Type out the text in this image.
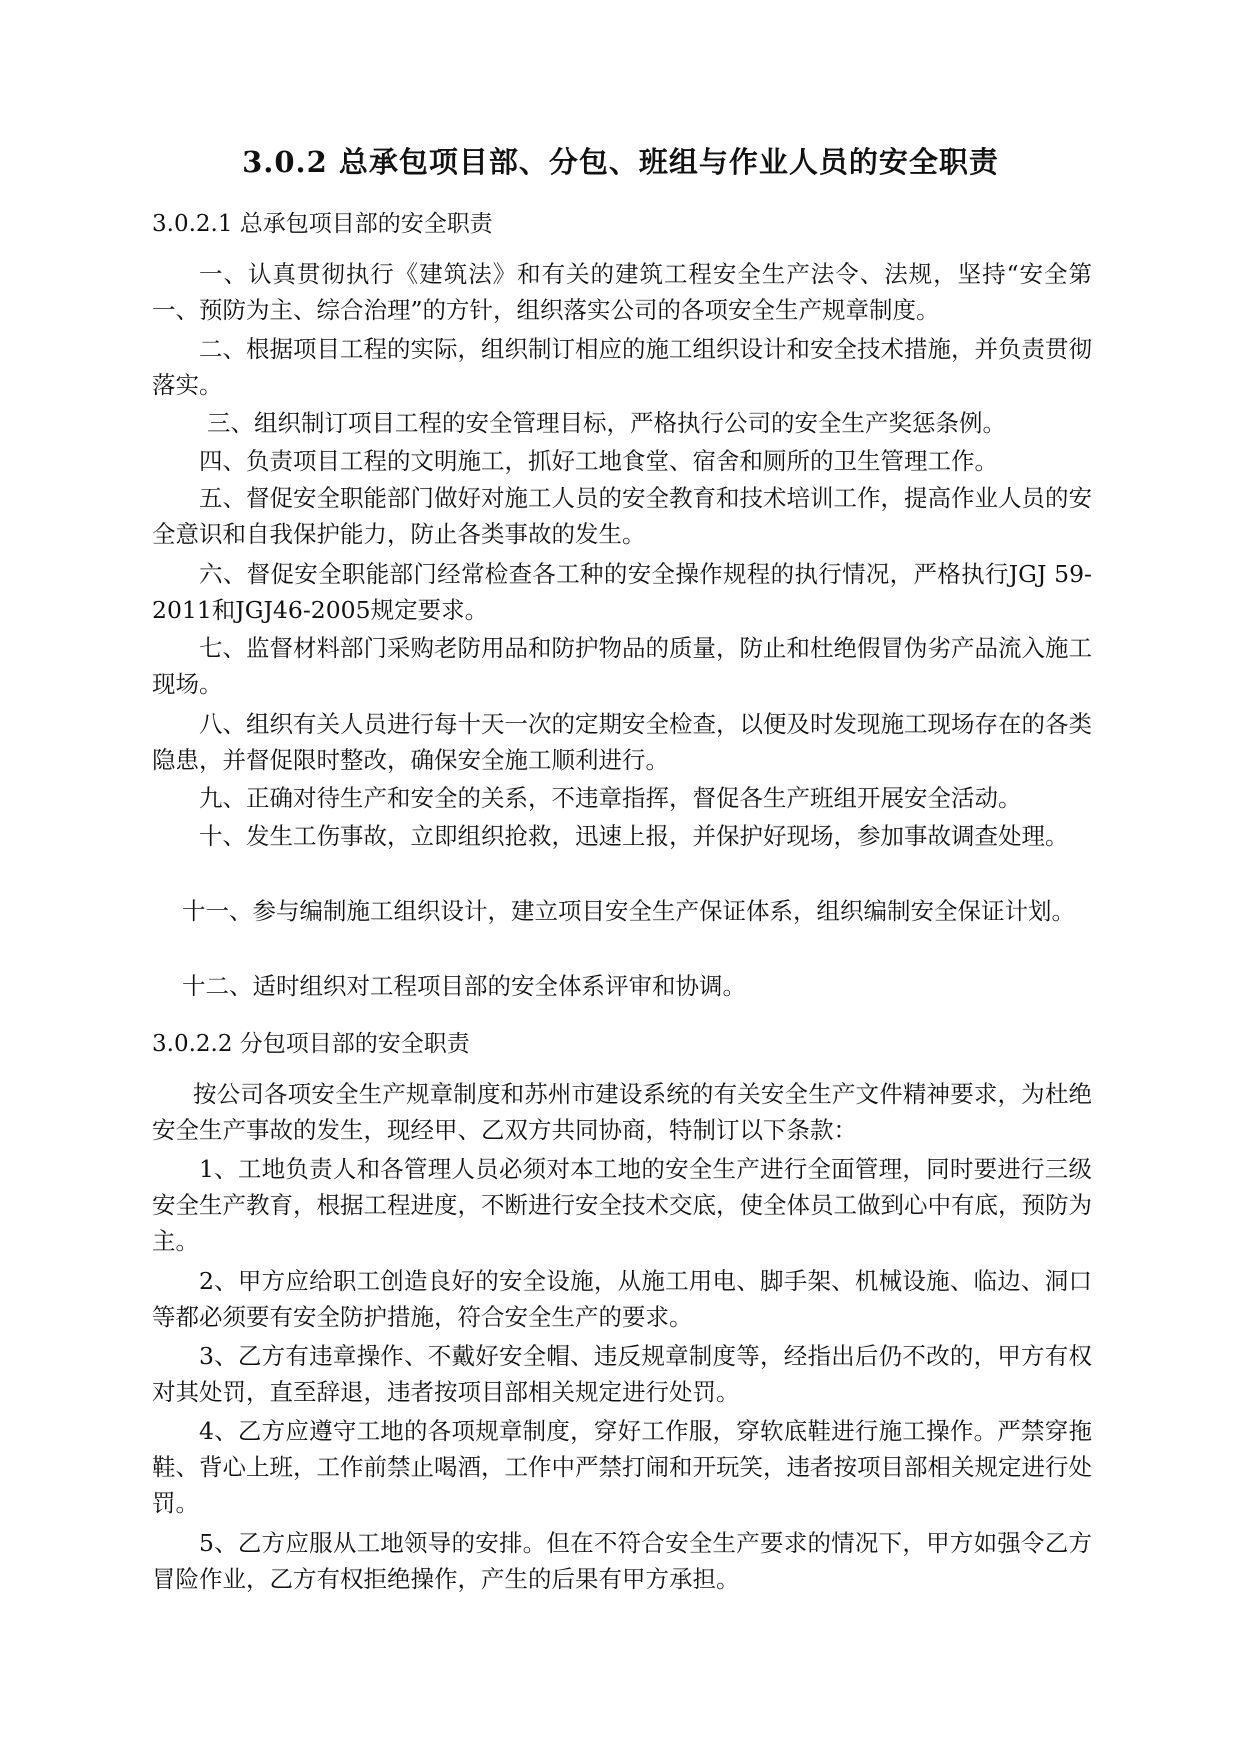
3.0.2 总承包项目部、分包、班组与作业人员的安全职责
3.0.2.1 总承包项目部的安全职责

一、认真贯彻执行《建筑法》和有关的建筑工程安全生产法令、法规，坚持“安全第一、预防为主、综合治理”的方针，组织落实公司的各项安全生产规章制度。

二、根据项目工程的实际，组织制订相应的施工组织设计和安全技术措施，并负责贯彻落实。

三、组织制订项目工程的安全管理目标，严格执行公司的安全生产奖惩条例。

四、负责项目工程的文明施工，抓好工地食堂、宿舍和厕所的卫生管理工作。

五、督促安全职能部门做好对施工人员的安全教育和技术培训工作，提高作业人员的安全意识和自我保护能力，防止各类事故的发生。

六、督促安全职能部门经常检查各工种的安全操作规程的执行情况，严格执行JGJ 59-2011和JGJ46-2005规定要求。

七、监督材料部门采购老防用品和防护物品的质量，防止和杜绝假冒伪劣产品流入施工现场。

八、组织有关人员进行每十天一次的定期安全检查，以便及时发现施工现场存在的各类隐患，并督促限时整改，确保安全施工顺利进行。

九、正确对待生产和安全的关系，不违章指挥，督促各生产班组开展安全活动。

十、发生工伤事故，立即组织抢救，迅速上报，并保护好现场，参加事故调查处理。

十一、参与编制施工组织设计，建立项目安全生产保证体系，组织编制安全保证计划。

十二、适时组织对工程项目部的安全体系评审和协调。

3.0.2.2 分包项目部的安全职责

按公司各项安全生产规章制度和苏州市建设系统的有关安全生产文件精神要求，为杜绝安全生产事故的发生，现经甲、乙双方共同协商，特制订以下条款：

1、工地负责人和各管理人员必须对本工地的安全生产进行全面管理，同时要进行三级安全生产教育，根据工程进度，不断进行安全技术交底，使全体员工做到心中有底，预防为主。

2、甲方应给职工创造良好的安全设施，从施工用电、脚手架、机械设施、临边、洞口等都必须要有安全防护措施，符合安全生产的要求。

3、乙方有违章操作、不戴好安全帽、违反规章制度等，经指出后仍不改的，甲方有权对其处罚，直至辞退，违者按项目部相关规定进行处罚。

4、乙方应遵守工地的各项规章制度，穿好工作服，穿软底鞋进行施工操作。严禁穿拖鞋、背心上班，工作前禁止喝酒，工作中严禁打闹和开玩笑，违者按项目部相关规定进行处罚。

5、乙方应服从工地领导的安排。但在不符合安全生产要求的情况下，甲方如强令乙方冒险作业，乙方有权拒绝操作，产生的后果有甲方承担。
